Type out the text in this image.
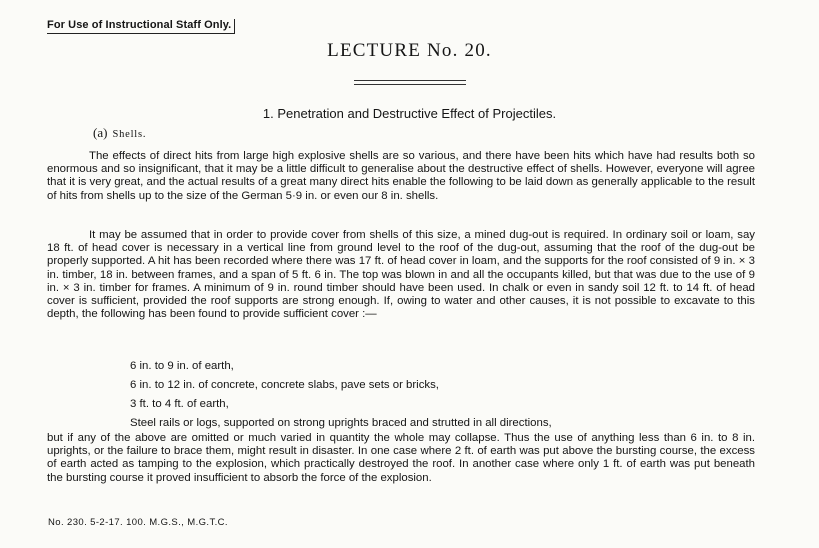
For Use of Instructional Staff Only.
LECTURE No. 20.
1. Penetration and Destructive Effect of Projectiles.
(a) Shells.
The effects of direct hits from large high explosive shells are so various, and there have been hits which have had results both so enormous and so insignificant, that it may be a little difficult to generalise about the destructive effect of shells. However, everyone will agree that it is very great, and the actual results of a great many direct hits enable the following to be laid down as generally applicable to the result of hits from shells up to the size of the German 5·9 in. or even our 8 in. shells.
It may be assumed that in order to provide cover from shells of this size, a mined dug-out is required. In ordinary soil or loam, say 18 ft. of head cover is necessary in a vertical line from ground level to the roof of the dug-out, assuming that the roof of the dug-out be properly supported. A hit has been recorded where there was 17 ft. of head cover in loam, and the supports for the roof consisted of 9 in. × 3 in. timber, 18 in. between frames, and a span of 5 ft. 6 in. The top was blown in and all the occupants killed, but that was due to the use of 9 in. × 3 in. timber for frames. A minimum of 9 in. round timber should have been used. In chalk or even in sandy soil 12 ft. to 14 ft. of head cover is sufficient, provided the roof supports are strong enough. If, owing to water and other causes, it is not possible to excavate to this depth, the following has been found to provide sufficient cover :—
6 in. to 9 in. of earth,
6 in. to 12 in. of concrete, concrete slabs, pave sets or bricks,
3 ft. to 4 ft. of earth,
Steel rails or logs, supported on strong uprights braced and strutted in all directions,
but if any of the above are omitted or much varied in quantity the whole may collapse. Thus the use of anything less than 6 in. to 8 in. uprights, or the failure to brace them, might result in disaster. In one case where 2 ft. of earth was put above the bursting course, the excess of earth acted as tamping to the explosion, which practically destroyed the roof. In another case where only 1 ft. of earth was put beneath the bursting course it proved insufficient to absorb the force of the explosion.
No. 230. 5-2-17. 100. M.G.S., M.G.T.C.
